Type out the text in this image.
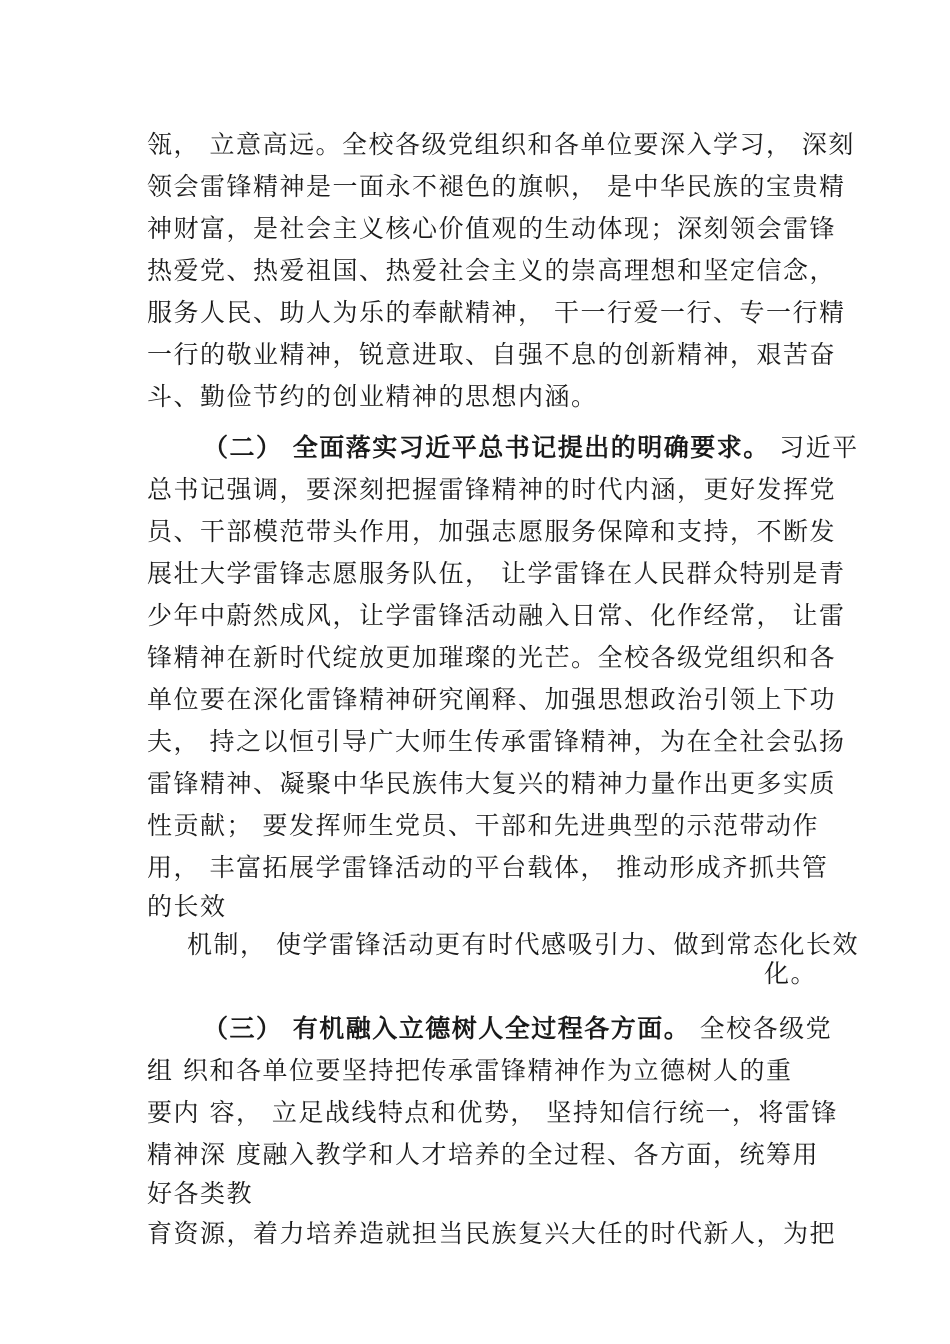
瓴， 立意高远。全校各级党组织和各单位要深入学习， 深刻
领会雷锋精神是一面永不褪色的旗帜， 是中华民族的宝贵精
神财富，是社会主义核心价值观的生动体现；深刻领会雷锋
热爱党、热爱祖国、热爱社会主义的崇高理想和坚定信念，
服务人民、助人为乐的奉献精神， 干一行爱一行、专一行精
一行的敬业精神，锐意进取、自强不息的创新精神，艰苦奋
斗、勤俭节约的创业精神的思想内涵。
（二） 全面落实习近平总书记提出的明确要求。 习近平
总书记强调，要深刻把握雷锋精神的时代内涵，更好发挥党
员、干部模范带头作用，加强志愿服务保障和支持，不断发
展壮大学雷锋志愿服务队伍， 让学雷锋在人民群众特别是青
少年中蔚然成风，让学雷锋活动融入日常、化作经常， 让雷
锋精神在新时代绽放更加璀璨的光芒。全校各级党组织和各
单位要在深化雷锋精神研究阐释、加强思想政治引领上下功
夫， 持之以恒引导广大师生传承雷锋精神，为在全社会弘扬
雷锋精神、凝聚中华民族伟大复兴的精神力量作出更多实质
性贡献； 要发挥师生党员、干部和先进典型的示范带动作
用， 丰富拓展学雷锋活动的平台载体， 推动形成齐抓共管
的长效
机制， 使学雷锋活动更有时代感吸引力、做到常态化长效
化。
（三） 有机融入立德树人全过程各方面。 全校各级党
组 织和各单位要坚持把传承雷锋精神作为立德树人的重
要内 容， 立足战线特点和优势， 坚持知信行统一，将雷锋
精神深 度融入教学和人才培养的全过程、各方面，统筹用
好各类教
育资源，着力培养造就担当民族复兴大任的时代新人，为把
